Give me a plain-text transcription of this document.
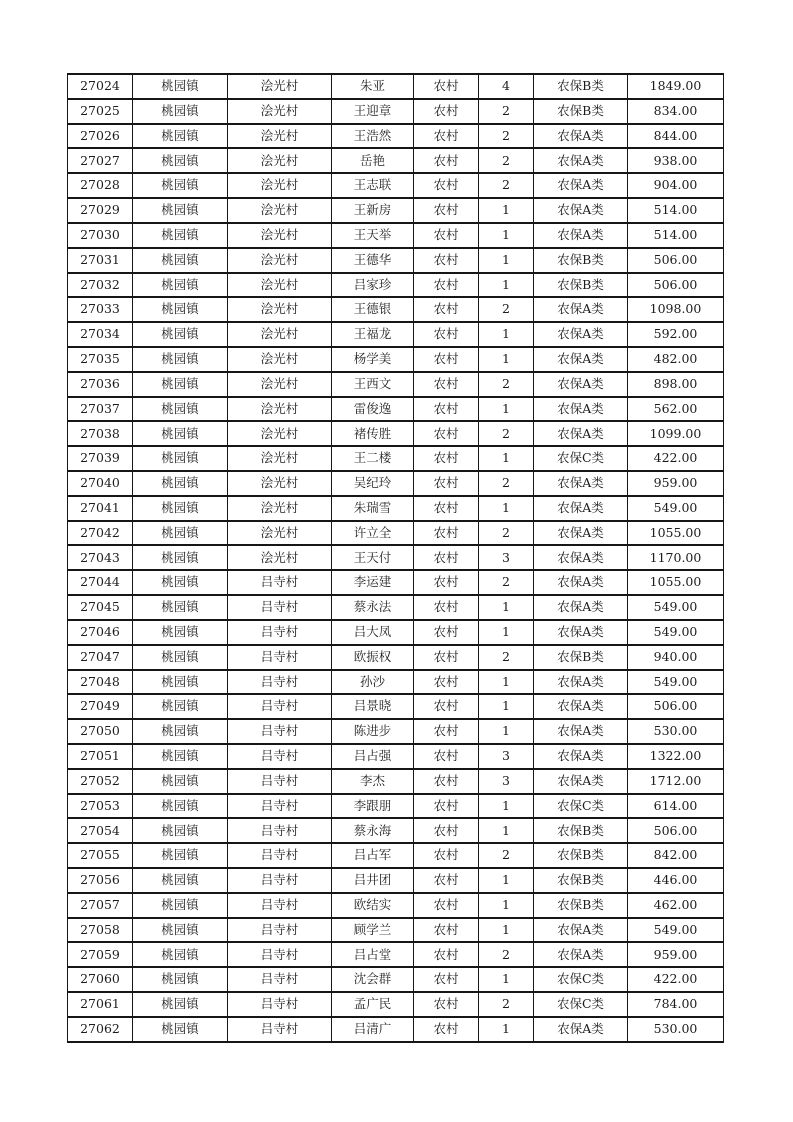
27024	桃园镇	浍光村	朱亚	农村	4	农保B类	1849.00
27025	桃园镇	浍光村	王迎章	农村	2	农保B类	834.00
27026	桃园镇	浍光村	王浩然	农村	2	农保A类	844.00
27027	桃园镇	浍光村	岳艳	农村	2	农保A类	938.00
27028	桃园镇	浍光村	王志联	农村	2	农保A类	904.00
27029	桃园镇	浍光村	王新房	农村	1	农保A类	514.00
27030	桃园镇	浍光村	王天举	农村	1	农保A类	514.00
27031	桃园镇	浍光村	王德华	农村	1	农保B类	506.00
27032	桃园镇	浍光村	吕家珍	农村	1	农保B类	506.00
27033	桃园镇	浍光村	王德银	农村	2	农保A类	1098.00
27034	桃园镇	浍光村	王福龙	农村	1	农保A类	592.00
27035	桃园镇	浍光村	杨学美	农村	1	农保A类	482.00
27036	桃园镇	浍光村	王西文	农村	2	农保A类	898.00
27037	桃园镇	浍光村	雷俊逸	农村	1	农保A类	562.00
27038	桃园镇	浍光村	褚传胜	农村	2	农保A类	1099.00
27039	桃园镇	浍光村	王二楼	农村	1	农保C类	422.00
27040	桃园镇	浍光村	吴纪玲	农村	2	农保A类	959.00
27041	桃园镇	浍光村	朱瑞雪	农村	1	农保A类	549.00
27042	桃园镇	浍光村	许立全	农村	2	农保A类	1055.00
27043	桃园镇	浍光村	王天付	农村	3	农保A类	1170.00
27044	桃园镇	吕寺村	李运建	农村	2	农保A类	1055.00
27045	桃园镇	吕寺村	蔡永法	农村	1	农保A类	549.00
27046	桃园镇	吕寺村	吕大凤	农村	1	农保A类	549.00
27047	桃园镇	吕寺村	欧振权	农村	2	农保B类	940.00
27048	桃园镇	吕寺村	孙沙	农村	1	农保A类	549.00
27049	桃园镇	吕寺村	吕景晓	农村	1	农保A类	506.00
27050	桃园镇	吕寺村	陈进步	农村	1	农保A类	530.00
27051	桃园镇	吕寺村	吕占强	农村	3	农保A类	1322.00
27052	桃园镇	吕寺村	李杰	农村	3	农保A类	1712.00
27053	桃园镇	吕寺村	李跟朋	农村	1	农保C类	614.00
27054	桃园镇	吕寺村	蔡永海	农村	1	农保B类	506.00
27055	桃园镇	吕寺村	吕占军	农村	2	农保B类	842.00
27056	桃园镇	吕寺村	吕井团	农村	1	农保B类	446.00
27057	桃园镇	吕寺村	欧结实	农村	1	农保B类	462.00
27058	桃园镇	吕寺村	顾学兰	农村	1	农保A类	549.00
27059	桃园镇	吕寺村	吕占堂	农村	2	农保A类	959.00
27060	桃园镇	吕寺村	沈会群	农村	1	农保C类	422.00
27061	桃园镇	吕寺村	孟广民	农村	2	农保C类	784.00
27062	桃园镇	吕寺村	吕清广	农村	1	农保A类	530.00
